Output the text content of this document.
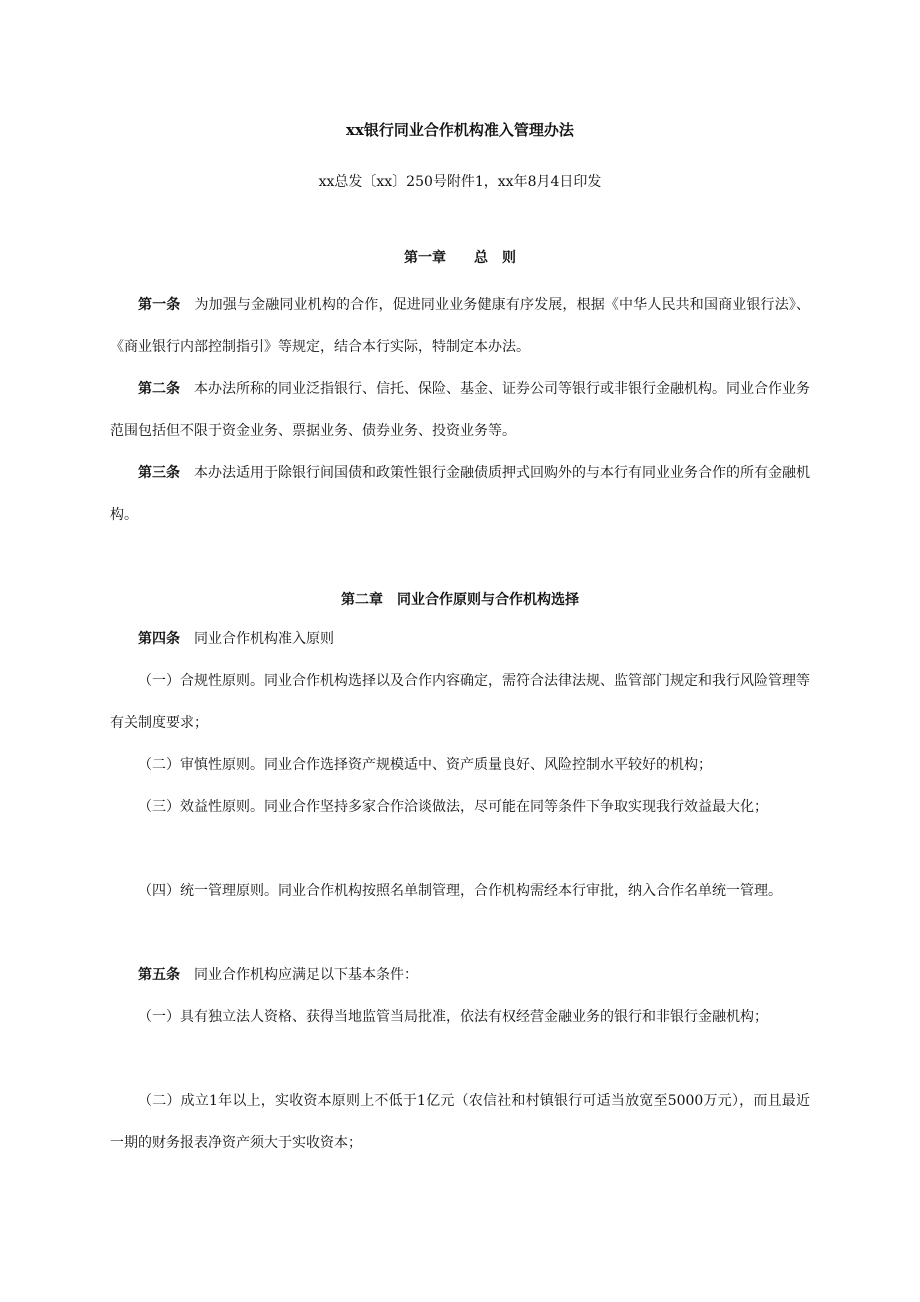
xx银行同业合作机构准入管理办法
xx总发〔xx〕250号附件1，xx年8月4日印发
第一章　　总　则

第一条 为加强与金融同业机构的合作，促进同业业务健康有序发展，根据《中华人民共和国商业银行法》、《商业银行内部控制指引》等规定，结合本行实际，特制定本办法。

第二条 本办法所称的同业泛指银行、信托、保险、基金、证券公司等银行或非银行金融机构。同业合作业务范围包括但不限于资金业务、票据业务、债券业务、投资业务等。

第三条 本办法适用于除银行间国债和政策性银行金融债质押式回购外的与本行有同业业务合作的所有金融机构。

第二章　同业合作原则与合作机构选择

第四条 同业合作机构准入原则

（一）合规性原则。同业合作机构选择以及合作内容确定，需符合法律法规、监管部门规定和我行风险管理等有关制度要求；

（二）审慎性原则。同业合作选择资产规模适中、资产质量良好、风险控制水平较好的机构；

（三）效益性原则。同业合作坚持多家合作洽谈做法，尽可能在同等条件下争取实现我行效益最大化；

（四）统一管理原则。同业合作机构按照名单制管理，合作机构需经本行审批，纳入合作名单统一管理。

第五条 同业合作机构应满足以下基本条件：

（一）具有独立法人资格、获得当地监管当局批准，依法有权经营金融业务的银行和非银行金融机构；

（二）成立1年以上，实收资本原则上不低于1亿元（农信社和村镇银行可适当放宽至5000万元），而且最近一期的财务报表净资产须大于实收资本；
